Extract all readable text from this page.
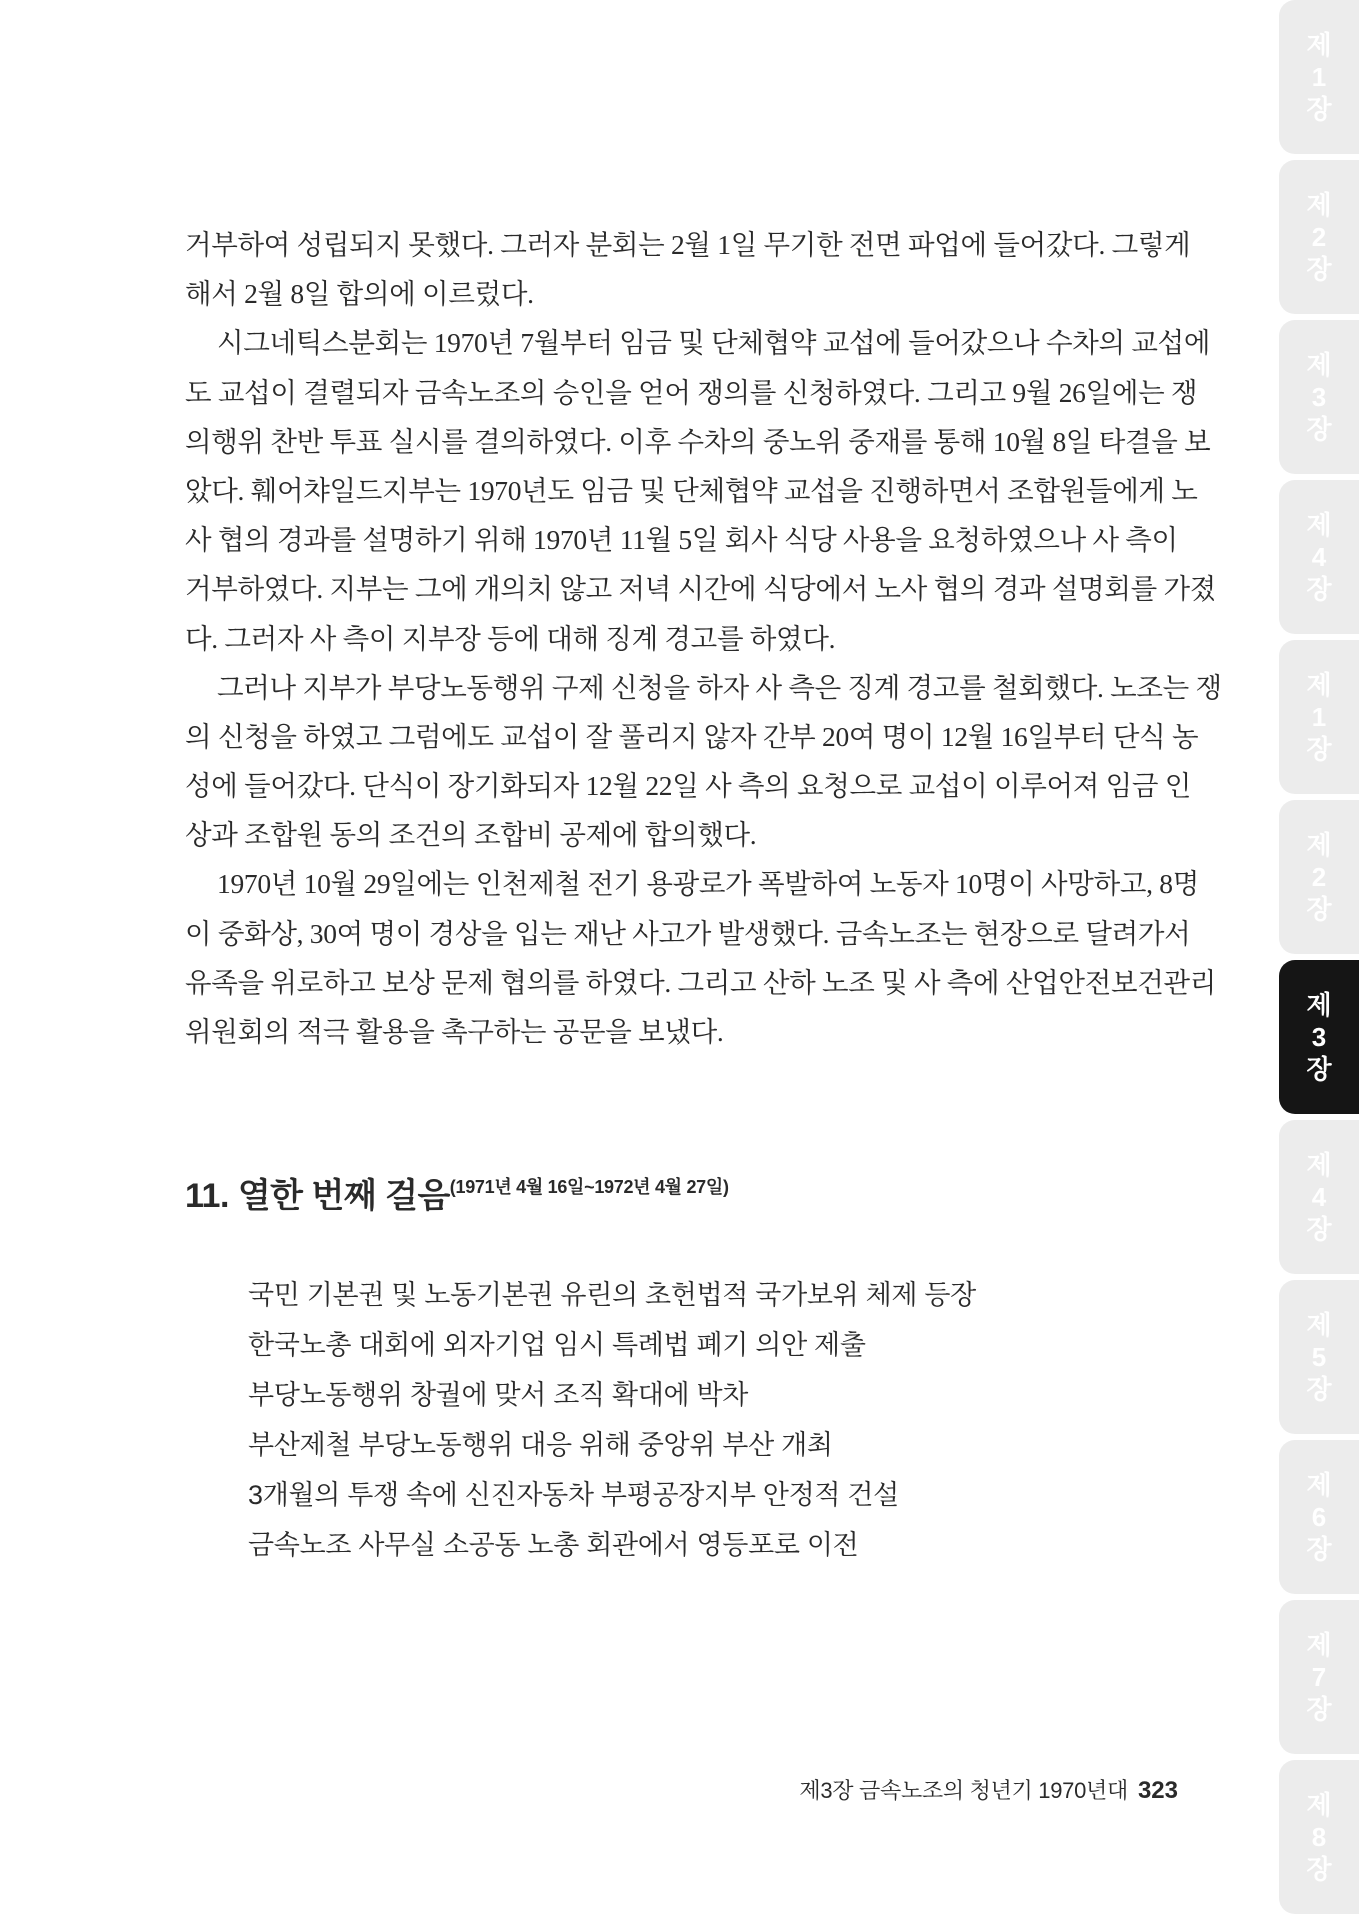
거부하여 성립되지 못했다. 그러자 분회는 2월 1일 무기한 전면 파업에 들어갔다. 그렇게
해서 2월 8일 합의에 이르렀다.
시그네틱스분회는 1970년 7월부터 임금 및 단체협약 교섭에 들어갔으나 수차의 교섭에
도 교섭이 결렬되자 금속노조의 승인을 얻어 쟁의를 신청하였다. 그리고 9월 26일에는 쟁
의행위 찬반 투표 실시를 결의하였다. 이후 수차의 중노위 중재를 통해 10월 8일 타결을 보
았다. 훼어챠일드지부는 1970년도 임금 및 단체협약 교섭을 진행하면서 조합원들에게 노
사 협의 경과를 설명하기 위해 1970년 11월 5일 회사 식당 사용을 요청하였으나 사 측이
거부하였다. 지부는 그에 개의치 않고 저녁 시간에 식당에서 노사 협의 경과 설명회를 가졌
다. 그러자 사 측이 지부장 등에 대해 징계 경고를 하였다.
그러나 지부가 부당노동행위 구제 신청을 하자 사 측은 징계 경고를 철회했다. 노조는 쟁
의 신청을 하였고 그럼에도 교섭이 잘 풀리지 않자 간부 20여 명이 12월 16일부터 단식 농
성에 들어갔다. 단식이 장기화되자 12월 22일 사 측의 요청으로 교섭이 이루어져 임금 인
상과 조합원 동의 조건의 조합비 공제에 합의했다.
1970년 10월 29일에는 인천제철 전기 용광로가 폭발하여 노동자 10명이 사망하고, 8명
이 중화상, 30여 명이 경상을 입는 재난 사고가 발생했다. 금속노조는 현장으로 달려가서
유족을 위로하고 보상 문제 협의를 하였다. 그리고 산하 노조 및 사 측에 산업안전보건관리
위원회의 적극 활용을 촉구하는 공문을 보냈다.
11. 열한 번째 걸음(1971년 4월 16일~1972년 4월 27일)
국민 기본권 및 노동기본권 유린의 초헌법적 국가보위 체제 등장
한국노총 대회에 외자기업 임시 특례법 폐기 의안 제출
부당노동행위 창궐에 맞서 조직 확대에 박차
부산제철 부당노동행위 대응 위해 중앙위 부산 개최
3개월의 투쟁 속에 신진자동차 부평공장지부 안정적 건설
금속노조 사무실 소공동 노총 회관에서 영등포로 이전
제3장 금속노조의 청년기 1970년대 323
제
1
장
제
2
장
제
3
장
제
4
장
제
1
장
제
2
장
제
3
장
제
4
장
제
5
장
제
6
장
제
7
장
제
8
장
